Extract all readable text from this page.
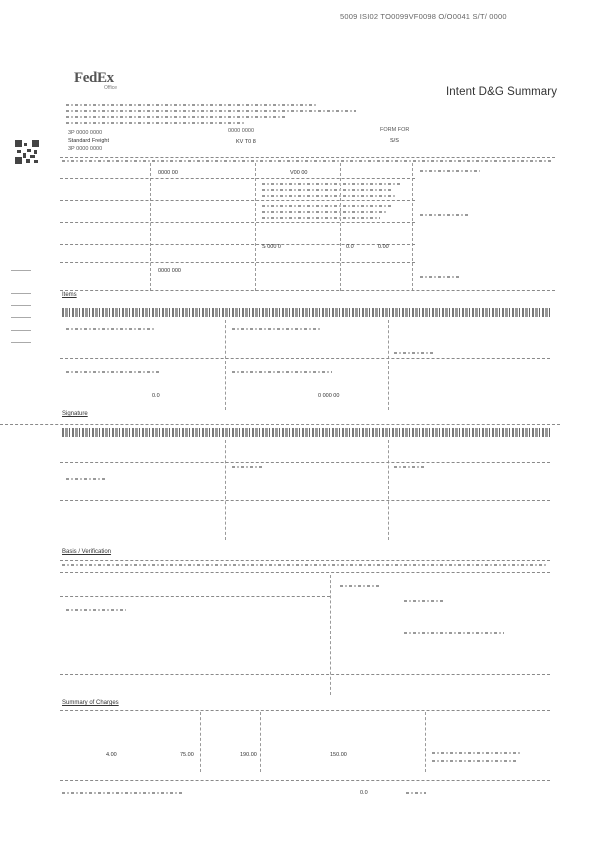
5009 ISI02 TO0099VF0098 O/O0041 S/T/ 0000
FedEx
Office	Intent D&G Summary
3P 0000 0000
Standard Freight
0000 0000
KV T0 8
FORM FOR
S/S
3P 0000 0000
0000 00	V00 00
S 000 0	0.0	0.00
0000 000
Items
0.0	0 000 00
Signature
Basis / Verification
Summary of Charges
4.00	75.00	190.00	150.00
0.0
